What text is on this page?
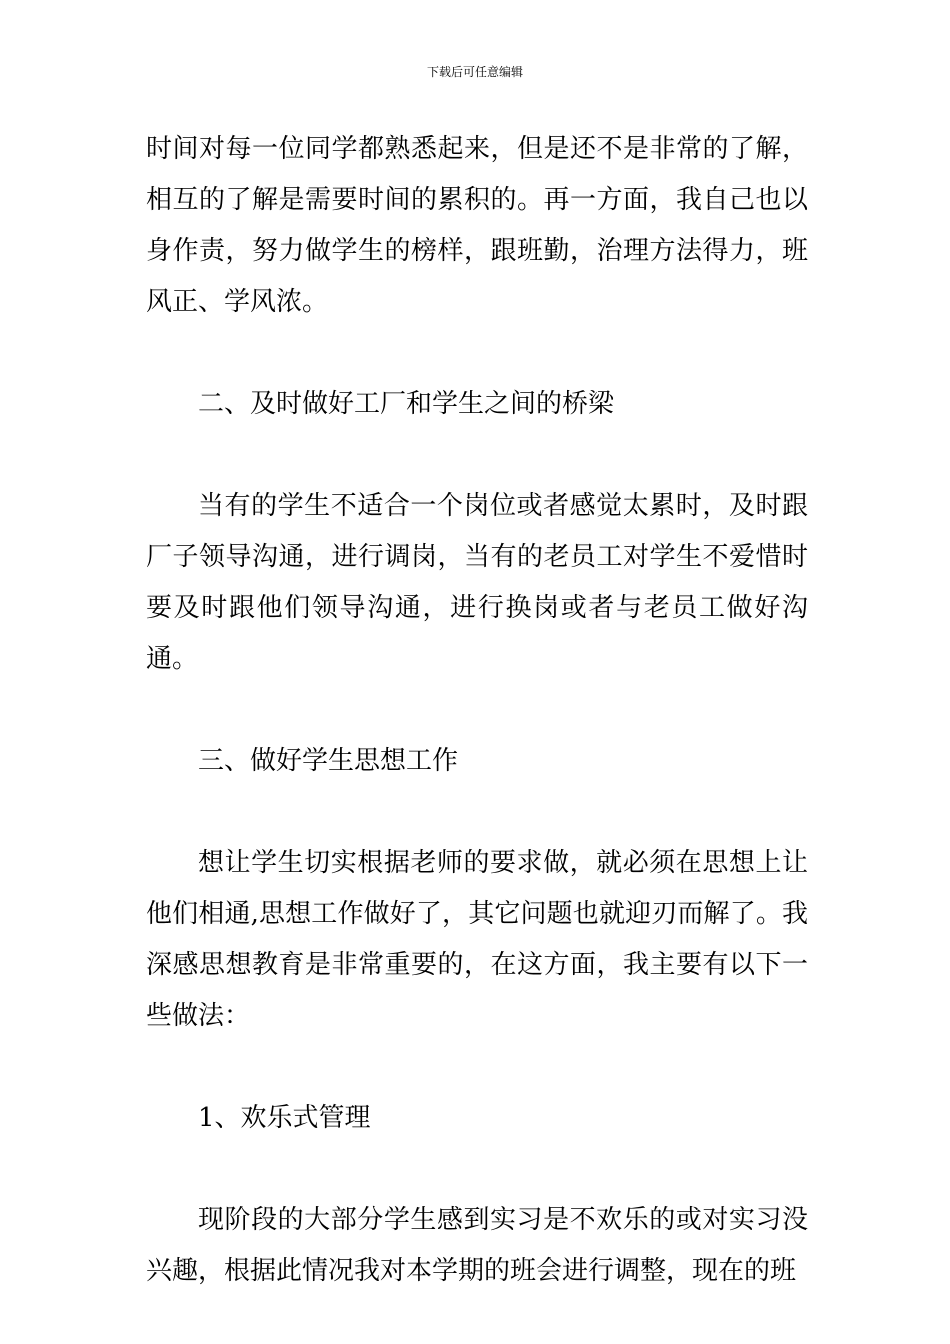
下载后可任意编辑

时间对每一位同学都熟悉起来，但是还不是非常的了解，相互的了解是需要时间的累积的。再一方面，我自己也以身作责，努力做学生的榜样，跟班勤，治理方法得力，班风正、学风浓。

二、及时做好工厂和学生之间的桥梁

当有的学生不适合一个岗位或者感觉太累时，及时跟厂子领导沟通，进行调岗，当有的老员工对学生不爱惜时要及时跟他们领导沟通，进行换岗或者与老员工做好沟通。

三、做好学生思想工作

想让学生切实根据老师的要求做，就必须在思想上让他们相通,思想工作做好了，其它问题也就迎刃而解了。我深感思想教育是非常重要的，在这方面，我主要有以下一些做法：

1、欢乐式管理

现阶段的大部分学生感到实习是不欢乐的或对实习没兴趣，根据此情况我对本学期的班会进行调整，现在的班
